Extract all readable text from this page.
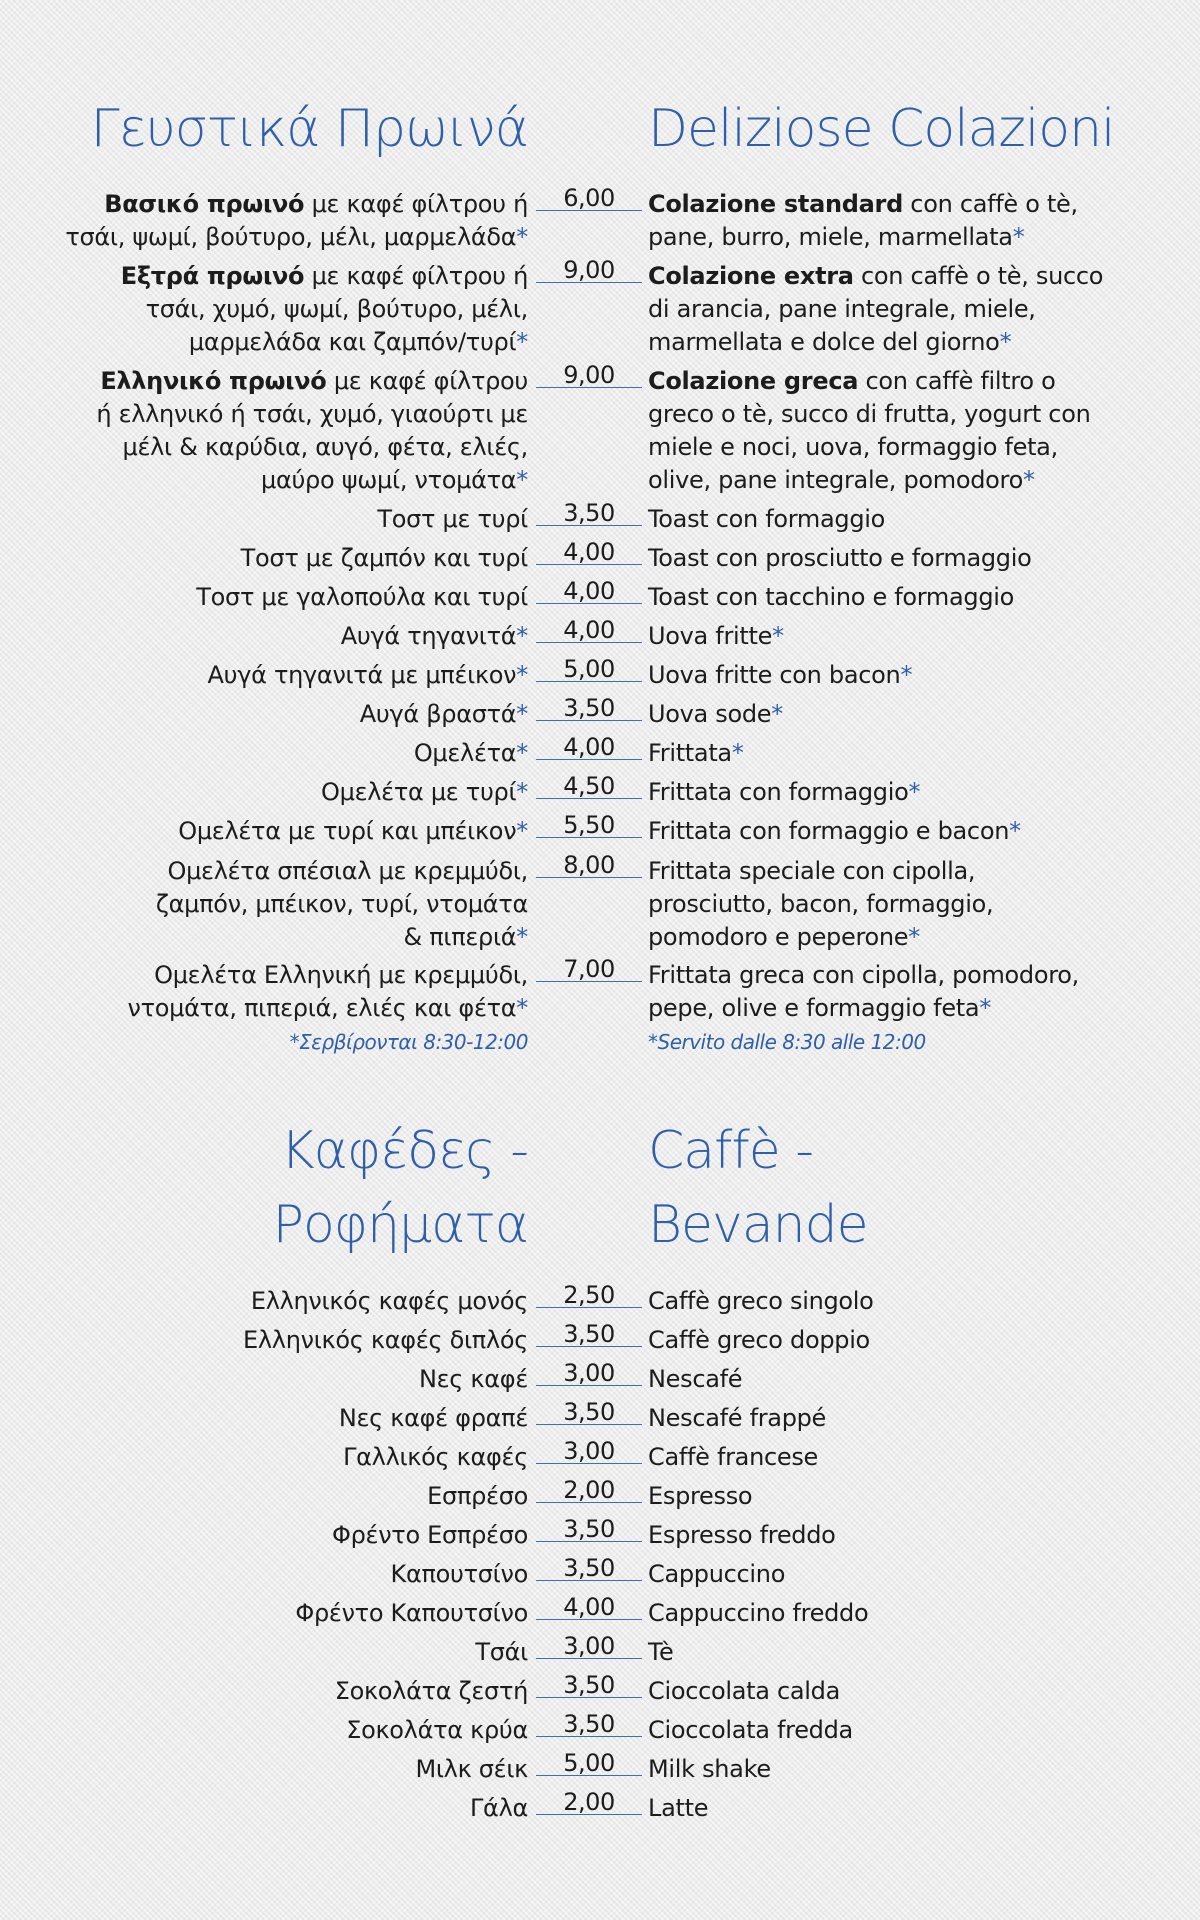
Γευστικά Πρωινά Deliziose Colazioni
Βασικό πρωινό με καφέ φίλτρου ή
τσάι, ψωμί, βούτυρο, μέλι, μαρμελάδα*
6,00	Colazione standard con caffè o tè,
pane, burro, miele, marmellata*
Εξτρά πρωινό με καφέ φίλτρου ή
τσάι, χυμό, ψωμί, βούτυρο, μέλι,
μαρμελάδα και ζαμπόν/τυρί*
9,00	Colazione extra con caffè o tè, succo
di arancia, pane integrale, miele,
marmellata e dolce del giorno*
Ελληνικό πρωινό με καφέ φίλτρου
ή ελληνικό ή τσάι, χυμό, γιαούρτι με
μέλι & καρύδια, αυγό, φέτα, ελιές,
μαύρο ψωμί, ντομάτα*
9,00	Colazione greca con caffè filtro o
greco o tè, succo di frutta, yogurt con
miele e noci, uova, formaggio feta,
olive, pane integrale, pomodoro*
Τοστ με τυρί	3,50	Toast con formaggio
Τοστ με ζαμπόν και τυρί	4,00	Toast con prosciutto e formaggio
Τοστ με γαλοπούλα και τυρί	4,00	Toast con tacchino e formaggio
Αυγά τηγανιτά*	4,00	Uova fritte*
Αυγά τηγανιτά με μπέικον*	5,00	Uova fritte con bacon*
Αυγά βραστά*	3,50	Uova sode*
Ομελέτα*	4,00	Frittata*
Ομελέτα με τυρί*	4,50	Frittata con formaggio*
Ομελέτα με τυρί και μπέικον*	5,50	Frittata con formaggio e bacon*
Ομελέτα σπέσιαλ με κρεμμύδι,
ζαμπόν, μπέικον, τυρί, ντομάτα
& πιπεριά*
8,00	Frittata speciale con cipolla,
prosciutto, bacon, formaggio,
pomodoro e peperone*
Ομελέτα Ελληνική με κρεμμύδι,
ντομάτα, πιπεριά, ελιές και φέτα*
7,00	Frittata greca con cipolla, pomodoro,
pepe, olive e formaggio feta*
*Σερβίρονται 8:30-12:00	*Servito dalle 8:30 alle 12:00
Καφέδες -
Ροφήματα
Caffè -
Bevande
Ελληνικός καφές μονός	2,50	Caffè greco singolo
Ελληνικός καφές διπλός	3,50	Caffè greco doppio
Νες καφέ	3,00	Nescafé
Νες καφέ φραπέ	3,50	Nescafé frappé
Γαλλικός καφές	3,00	Caffè francese
Εσπρέσο	2,00	Espresso
Φρέντο Εσπρέσο	3,50	Espresso freddo
Καπουτσίνο	3,50	Cappuccino
Φρέντο Καπουτσίνο	4,00	Cappuccino freddo
Τσάι	3,00	Tè
Σοκολάτα ζεστή	3,50	Cioccolata calda
Σοκολάτα κρύα	3,50	Cioccolata fredda
Μιλκ σέικ	5,00	Milk shake
Γάλα	2,00	Latte
